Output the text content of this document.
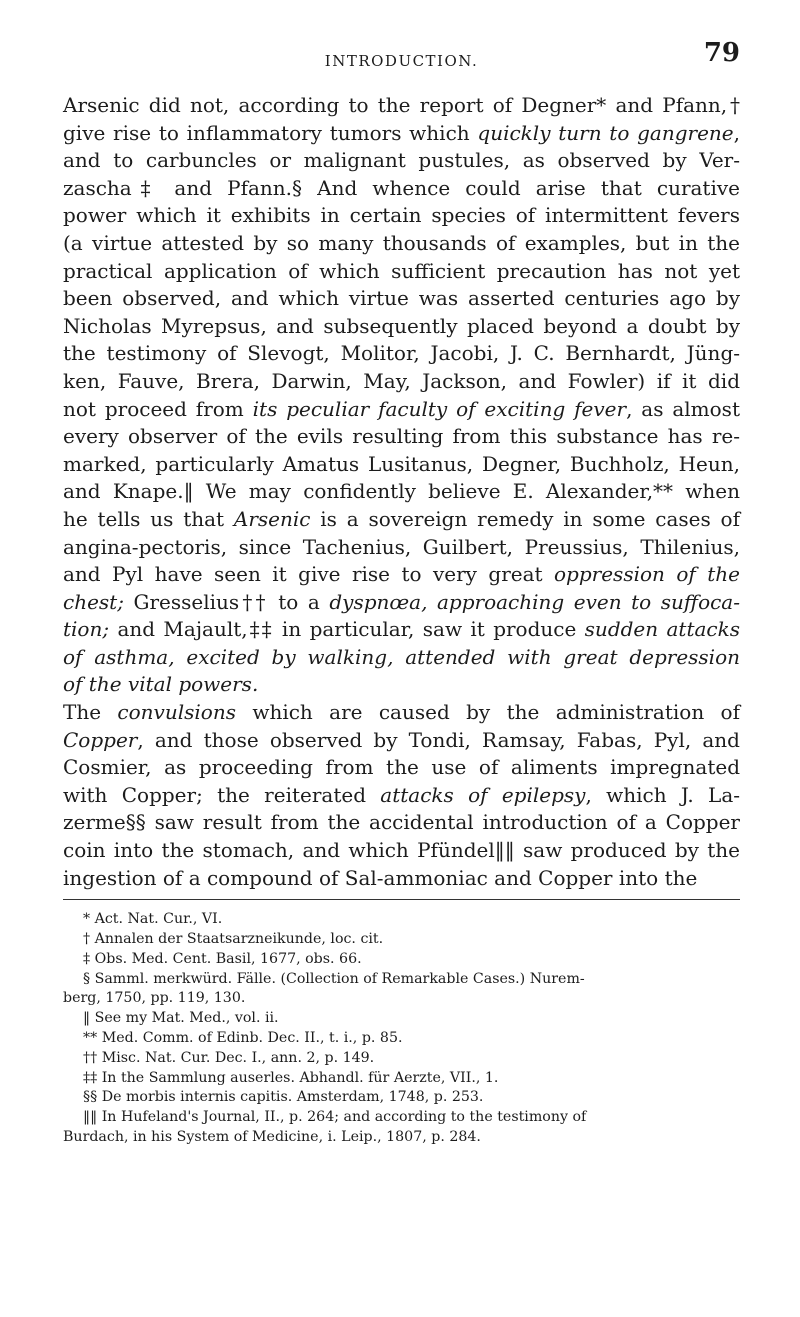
INTRODUCTION.	79
Arsenic did not, according to the report of Degner* and Pfann,†
give rise to inflammatory tumors which quickly turn to gangrene,
and to carbuncles or malignant pustules, as observed by Ver-
zascha‡ and Pfann.§ And whence could arise that curative
power which it exhibits in certain species of intermittent fevers
(a virtue attested by so many thousands of examples, but in the
practical application of which sufficient precaution has not yet
been observed, and which virtue was asserted centuries ago by
Nicholas Myrepsus, and subsequently placed beyond a doubt by
the testimony of Slevogt, Molitor, Jacobi, J. C. Bernhardt, Jüng-
ken, Fauve, Brera, Darwin, May, Jackson, and Fowler) if it did
not proceed from its peculiar faculty of exciting fever, as almost
every observer of the evils resulting from this substance has re-
marked, particularly Amatus Lusitanus, Degner, Buchholz, Heun,
and Knape.‖ We may confidently believe E. Alexander,** when
he tells us that Arsenic is a sovereign remedy in some cases of
angina-pectoris, since Tachenius, Guilbert, Preussius, Thilenius,
and Pyl have seen it give rise to very great oppression of the
chest; Gresselius†† to a dyspnœa, approaching even to suffoca-
tion; and Majault,‡‡ in particular, saw it produce sudden attacks
of asthma, excited by walking, attended with great depression
of the vital powers.
The convulsions which are caused by the administration of
Copper, and those observed by Tondi, Ramsay, Fabas, Pyl, and
Cosmier, as proceeding from the use of aliments impregnated
with Copper; the reiterated attacks of epilepsy, which J. La-
zerme§§ saw result from the accidental introduction of a Copper
coin into the stomach, and which Pfündel‖‖ saw produced by the
ingestion of a compound of Sal-ammoniac and Copper into the
* Act. Nat. Cur., VI.
† Annalen der Staatsarzneikunde, loc. cit.
‡ Obs. Med. Cent. Basil, 1677, obs. 66.
§ Samml. merkwürd. Fälle. (Collection of Remarkable Cases.) Nurem-
berg, 1750, pp. 119, 130.
‖ See my Mat. Med., vol. ii.
** Med. Comm. of Edinb. Dec. II., t. i., p. 85.
†† Misc. Nat. Cur. Dec. I., ann. 2, p. 149.
‡‡ In the Sammlung auserles. Abhandl. für Aerzte, VII., 1.
§§ De morbis internis capitis. Amsterdam, 1748, p. 253.
‖‖ In Hufeland's Journal, II., p. 264; and according to the testimony of
Burdach, in his System of Medicine, i. Leip., 1807, p. 284.
